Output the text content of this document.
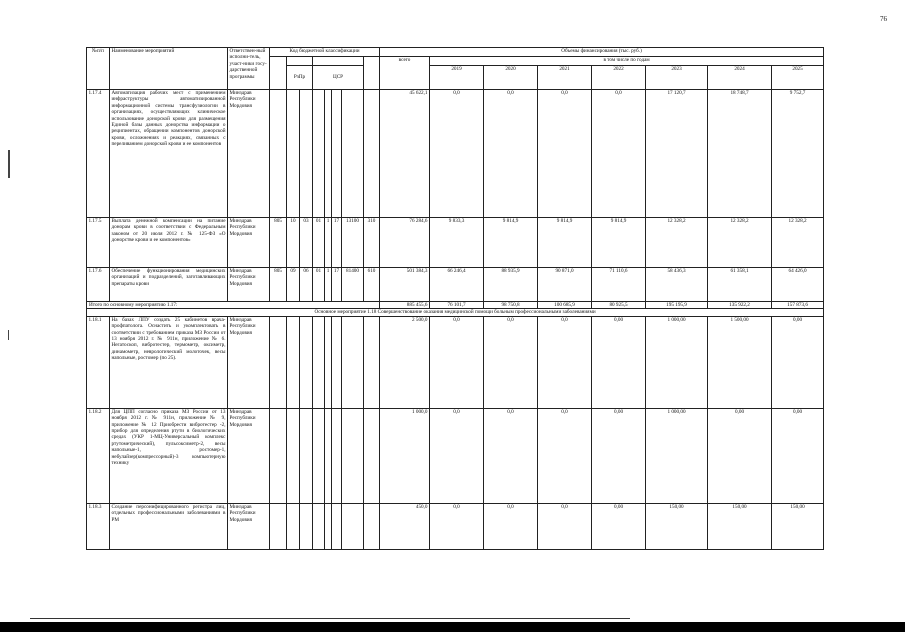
76
№п/п	Наименование мероприятий	Ответствен-ный исполни-тель, участ-ники госу-дарственной программы	Код бюджетной классификации								Объемы финансирования (тыс. руб.)							
											всего	в том числе по годам						
				РзПр		ЦСР						2019	2020	2021	2022	2023	2024	2025
1.17.4	Автоматизация рабочих мест с применением инфраструктуры автоматизированной информационной системы трансфузиологии в организациях, осуществляющих клиническое использование донорской крови для размещения Единой базы данных донорства информации о реципиентах, обращении компонентов донорской крови, осложнениях и реакциях, связанных с переливанием донорской крови и ее компонентов	Минздрав Республики Мордовия									45 622,1	0,0	0,0	0,0	0,0	17 120,7	18 748,7	9 752,7
1.17.5	Выплата денежной компенсации на питание донорам крови в соответствии с Федеральным законом от 20 июля 2012 г. № 125-ФЗ «О донорстве крови и ее компонентов»	Минздрав Республики Мордовия	805	10	03	01	1	17	13100	310	76 284,6	9 833,3	9 814,9	9 814,9	9 814,9	12 328,2	12 328,2	12 328,2
1.17.6	Обеспечение функционирования медицинских организаций и подразделений, заготавливающих препараты крови	Минздрав Республики Мордовия	805	09	06	01	1	17	81400	610	501 384,3	66 246,4	88 935,9	90 871,0	71 110,6	58 436,3	61 358,1	64 426,0
Итого по основному мероприятию 1.17:											885 455,6	76 101,7	98 750,8	100 685,9	80 925,5	195 195,9	135 922,2	157 873,6
Основное мероприятие 1.18 Совершенствование оказания медицинской помощи больным профессиональными заболеваниями																		
1.18.1	На базах ЛПУ создать 25 кабинетов врача-профпатолога. Оснастить и укомплектовать в соответствии с требованием приказа МЗ России от 13 ноября 2012 г. № 911н, приложение № 6. Негатоскоп, вибротестер, термометр, оксиметр, динамометр, неврологический молоточек, весы напольные, ростомер (по 25).	Минздрав Республики Мордовия									2 500,0	0,0	0,0	0,0	0,00	1 000,00	1 500,00	0,00
1.18.2	Для ЦПП согласно приказа МЗ России от 13 ноября 2012 г. № 911н, приложение № 9, приложение № 12 Приобрести вибротестер -2, прибор для определения ртути в биологических средах (УКР 1-МЦ-Универсальный комплекс ртутометрический), пульсоксиметр-2, весы напольные-1, ростомер-1, небулайзер(компрессорный)-3 компьютерную технику	Минздрав Республики Мордовия									1 000,0	0,0	0,0	0,0	0,00	1 000,00	0,00	0,00
1.18.3	Создание персонифицированного регистра лиц, отдельных профессиональными заболеваниями в РМ	Минздрав Республики Мордовия									450,0	0,0	0,0	0,0	0,00	150,00	150,00	150,00
